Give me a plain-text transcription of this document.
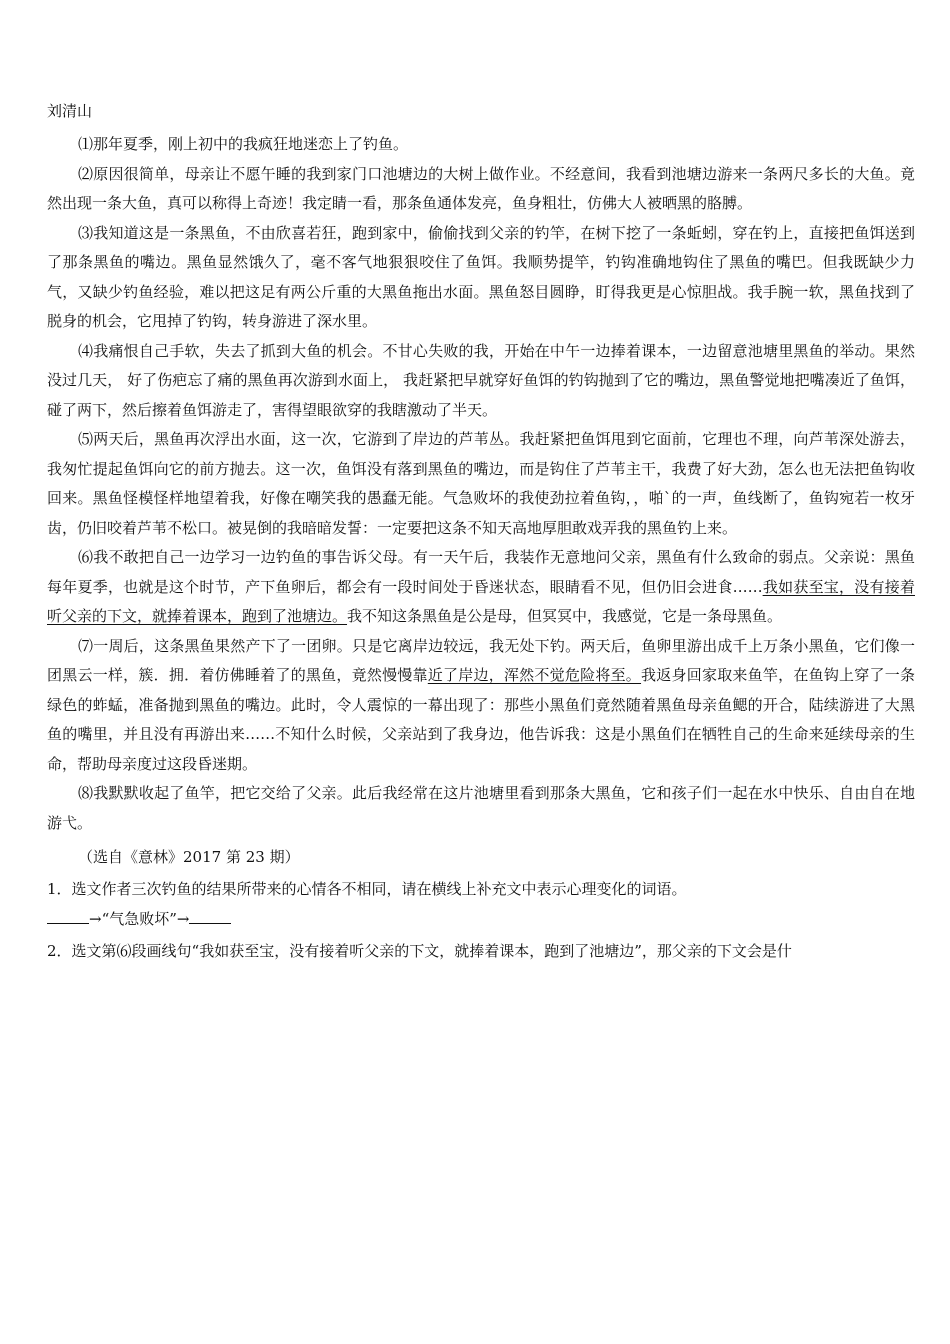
刘清山
⑴那年夏季，刚上初中的我疯狂地迷恋上了钓鱼。
⑵原因很简单，母亲让不愿午睡的我到家门口池塘边的大树上做作业。不经意间，我看到池塘边游来一条两尺多长的大鱼。竟然出现一条大鱼，真可以称得上奇迹！我定睛一看，那条鱼通体发亮，鱼身粗壮，仿佛大人被晒黑的胳膊。
⑶我知道这是一条黑鱼，不由欣喜若狂，跑到家中，偷偷找到父亲的钓竿，在树下挖了一条蚯蚓，穿在钓上，直接把鱼饵送到了那条黑鱼的嘴边。黑鱼显然饿久了，毫不客气地狠狠咬住了鱼饵。我顺势提竿，钓钩准确地钩住了黑鱼的嘴巴。但我既缺少力气，又缺少钓鱼经验，难以把这足有两公斤重的大黑鱼拖出水面。黑鱼怒目圆睁，盯得我更是心惊胆战。我手腕一软，黑鱼找到了脱身的机会，它甩掉了钓钩，转身游进了深水里。
⑷我痛恨自己手软，失去了抓到大鱼的机会。不甘心失败的我，开始在中午一边捧着课本，一边留意池塘里黑鱼的举动。果然没过几天， 好了伤疤忘了痛的黑鱼再次游到水面上， 我赶紧把早就穿好鱼饵的钓钩抛到了它的嘴边，黑鱼警觉地把嘴凑近了鱼饵，碰了两下，然后擦着鱼饵游走了，害得望眼欲穿的我瞎激动了半天。
⑸两天后，黑鱼再次浮出水面，这一次，它游到了岸边的芦苇丛。我赶紧把鱼饵甩到它面前，它理也不理，向芦苇深处游去，我匆忙提起鱼饵向它的前方抛去。这一次，鱼饵没有落到黑鱼的嘴边，而是钩住了芦苇主干，我费了好大劲，怎么也无法把鱼钩收回来。黑鱼怪模怪样地望着我，好像在嘲笑我的愚蠢无能。气急败坏的我使劲拉着鱼钩，，啪`的一声，鱼线断了，鱼钩宛若一枚牙齿，仍旧咬着芦苇不松口。被晃倒的我暗暗发誓：一定要把这条不知天高地厚胆敢戏弄我的黑鱼钓上来。
⑹我不敢把自己一边学习一边钓鱼的事告诉父母。有一天午后，我装作无意地问父亲，黑鱼有什么致命的弱点。父亲说：黑鱼每年夏季，也就是这个时节，产下鱼卵后，都会有一段时间处于昏迷状态，眼睛看不见，但仍旧会进食……我如获至宝，没有接着听父亲的下文，就捧着课本，跑到了池塘边。我不知这条黑鱼是公是母，但冥冥中，我感觉，它是一条母黑鱼。
⑺一周后，这条黑鱼果然产下了一团卵。只是它离岸边较远，我无处下钓。两天后，鱼卵里游出成千上万条小黑鱼，它们像一团黑云一样，簇．拥．着仿佛睡着了的黑鱼，竟然慢慢靠近了岸边，浑然不觉危险将至。我返身回家取来鱼竿，在鱼钩上穿了一条绿色的蚱蜢，准备抛到黑鱼的嘴边。此时，令人震惊的一幕出现了：那些小黑鱼们竟然随着黑鱼母亲鱼鳃的开合，陆续游进了大黑鱼的嘴里，并且没有再游出来……不知什么时候，父亲站到了我身边，他告诉我：这是小黑鱼们在牺牲自己的生命来延续母亲的生命，帮助母亲度过这段昏迷期。
⑻我默默收起了鱼竿，把它交给了父亲。此后我经常在这片池塘里看到那条大黑鱼，它和孩子们一起在水中快乐、自由自在地游弋。
（选自《意林》2017 第 23 期）
1．选文作者三次钓鱼的结果所带来的心情各不相同，请在横线上补充文中表示心理变化的词语。
→“气急败坏”→
2．选文第⑹段画线句“我如获至宝，没有接着听父亲的下文，就捧着课本，跑到了池塘边”，那父亲的下文会是什
